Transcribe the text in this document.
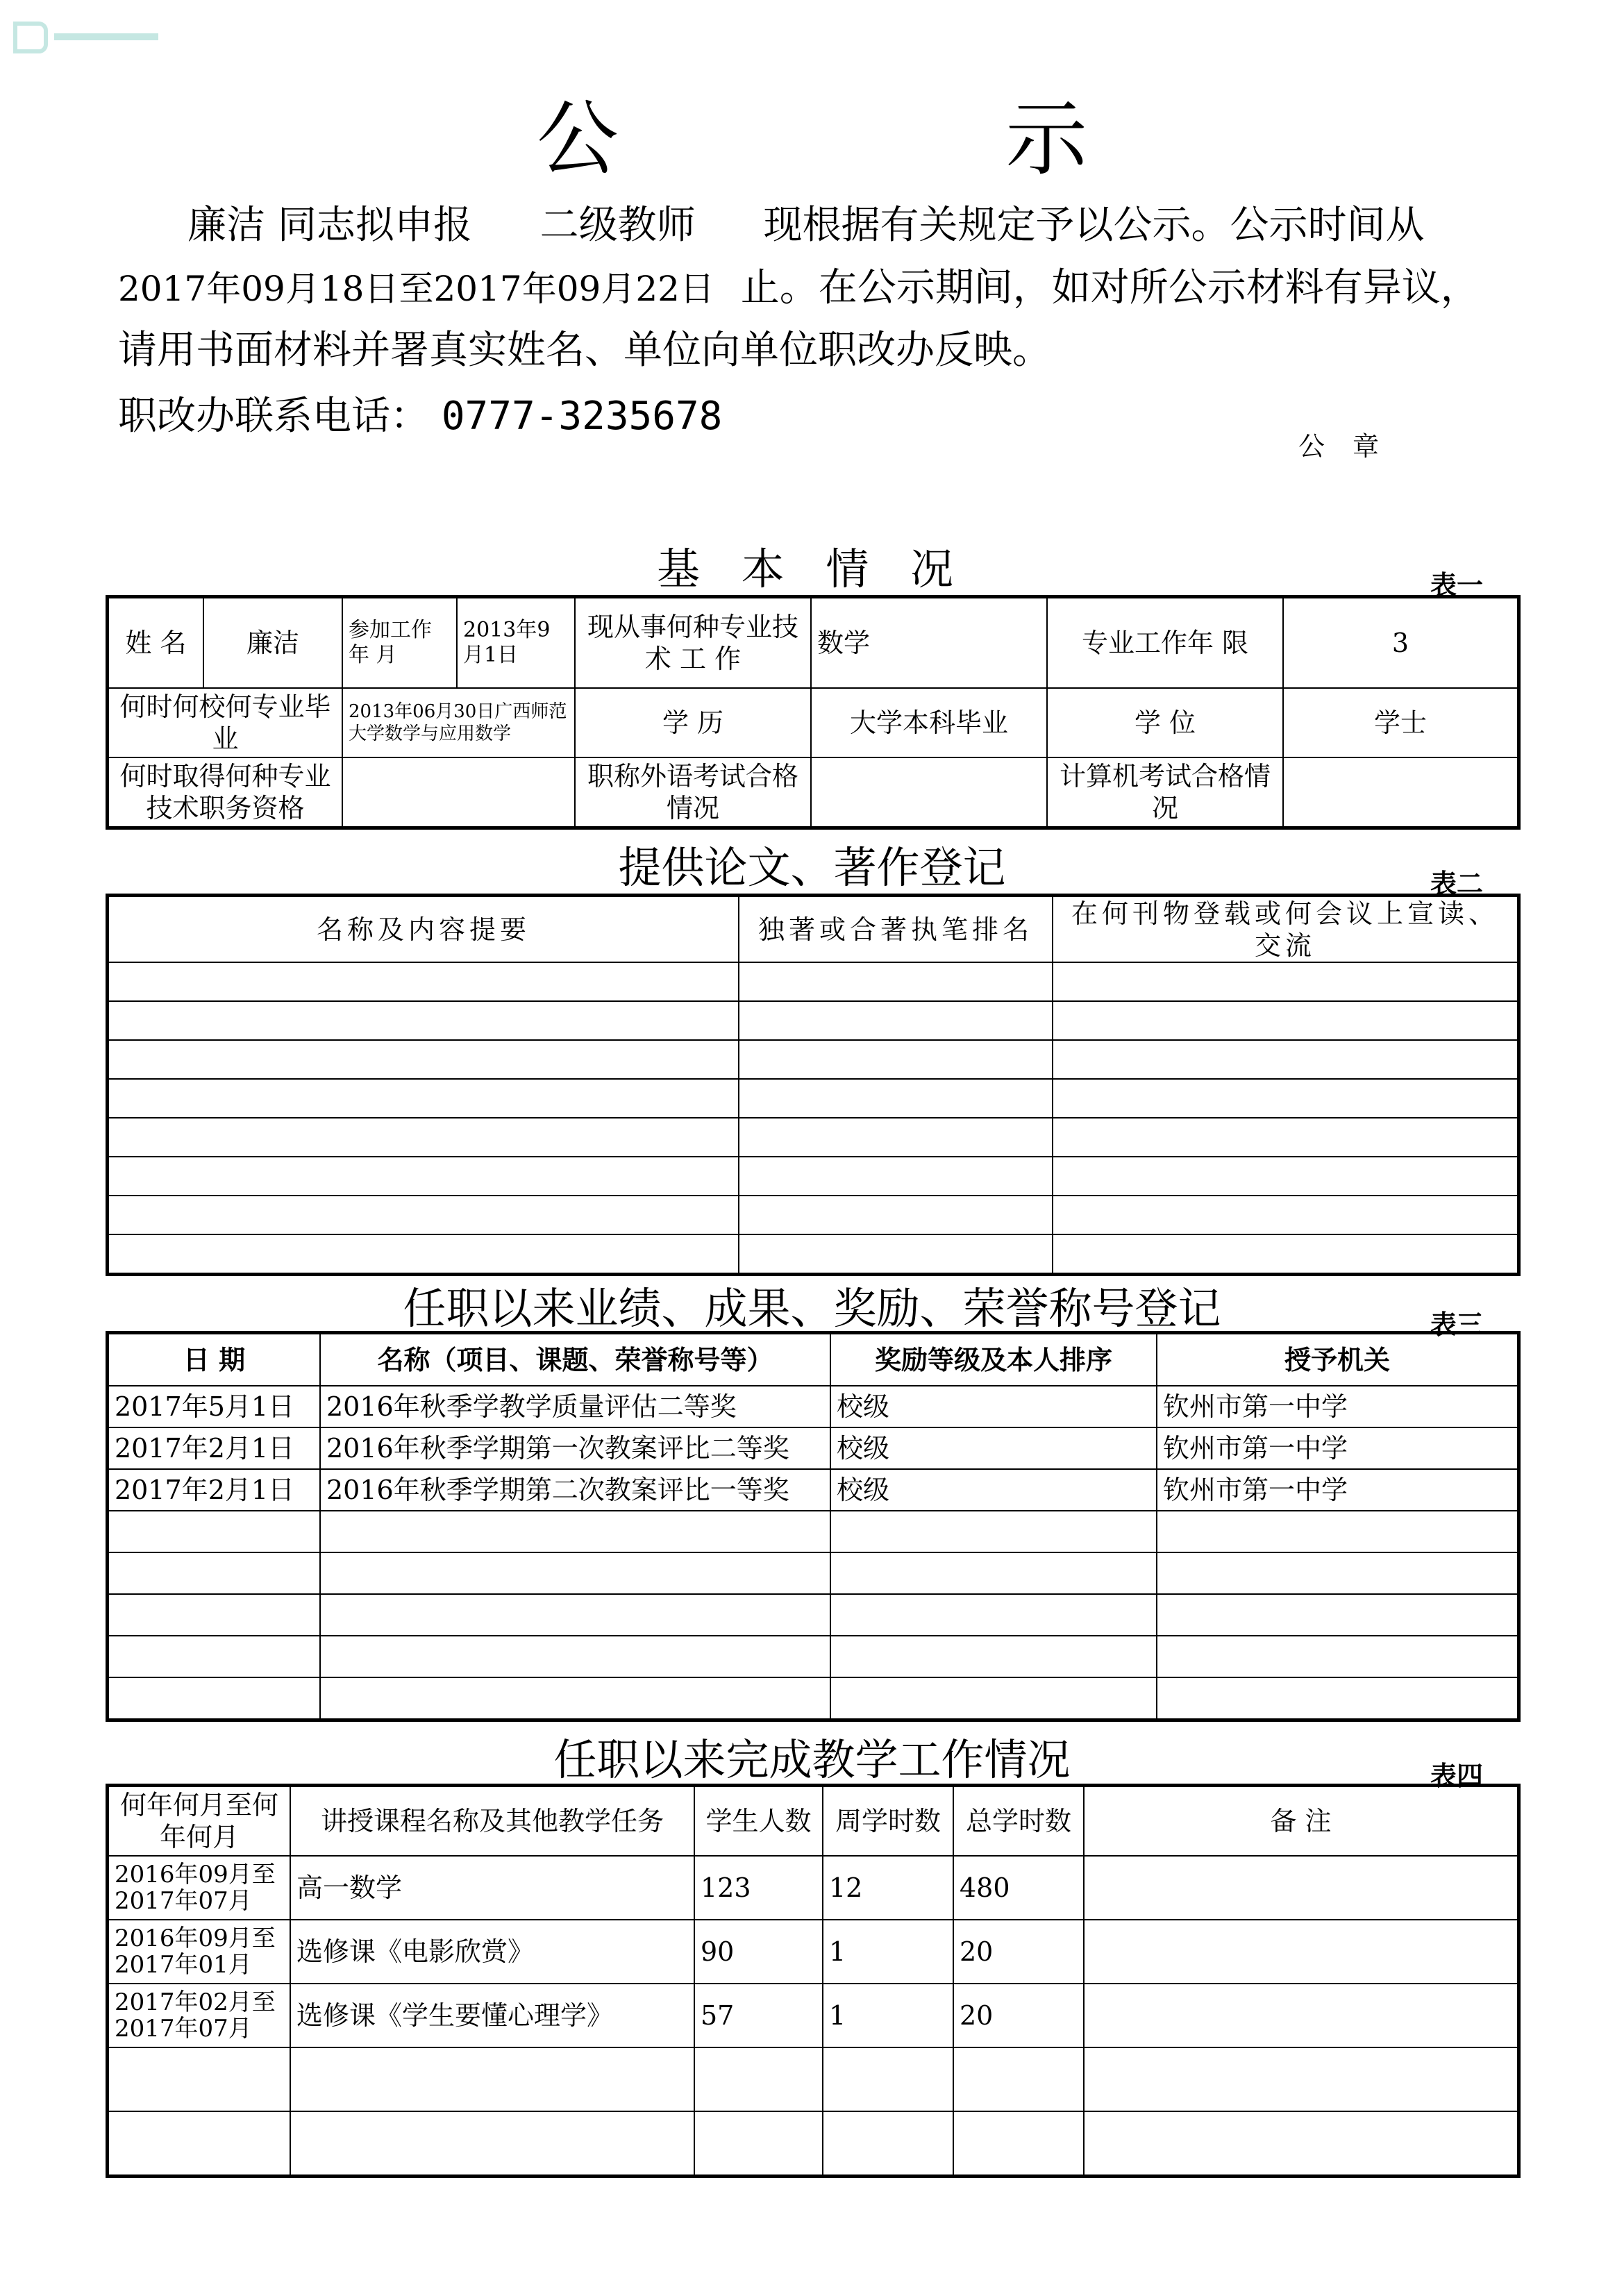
公 示
廉洁 同志拟申报 二级教师 现根据有关规定予以公示。公示时间从
2017年09月18日至2017年09月22日 止。在公示期间，如对所公示材料有异议，
请用书面材料并署真实姓名、单位向单位职改办反映。
职改办联系电话： 0777-3235678
公章
基 本 情 况	表一
姓 名	廉洁	参加工作年 月	2013年9月1日	现从事何种专业技 术 工 作	数学	专业工作年 限	3
何时何校何专业毕 业		2013年06月30日广西师范大学数学与应用数学		学 历	大学本科毕业	学 位	学士
何时取得何种专业技术职务资格				职称外语考试合格情况		计算机考试合格情况	
提供论文、著作登记	表二
名称及内容提要	独著或合著执笔排名	在何刊物登载或何会议上宣读、交流

任职以来业绩、成果、奖励、荣誉称号登记	表三
日 期	名称（项目、课题、荣誉称号等）	奖励等级及本人排序	授予机关
2017年5月1日	2016年秋季学教学质量评估二等奖	校级	钦州市第一中学
2017年2月1日	2016年秋季学期第一次教案评比二等奖	校级	钦州市第一中学
2017年2月1日	2016年秋季学期第二次教案评比一等奖	校级	钦州市第一中学

任职以来完成教学工作情况	表四
何年何月至何年何月	讲授课程名称及其他教学任务	学生人数	周学时数	总学时数	备 注
2016年09月至2017年07月	高一数学	123	12	480	
2016年09月至2017年01月	选修课《电影欣赏》	90	1	20	
2017年02月至2017年07月	选修课《学生要懂心理学》	57	1	20	
